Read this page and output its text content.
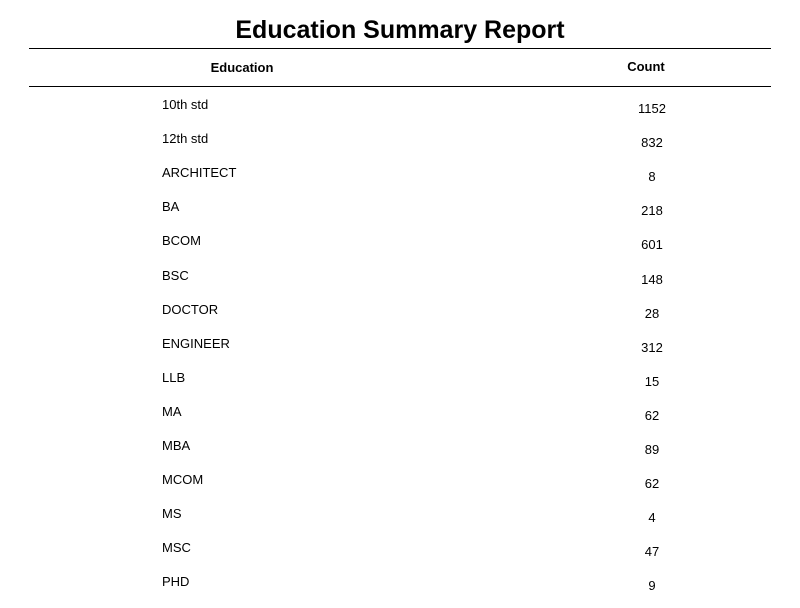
Education Summary Report
Education	Count
10th std	1152
12th std	832
ARCHITECT	8
BA	218
BCOM	601
BSC	148
DOCTOR	28
ENGINEER	312
LLB	15
MA	62
MBA	89
MCOM	62
MS	4
MSC	47
PHD	9
